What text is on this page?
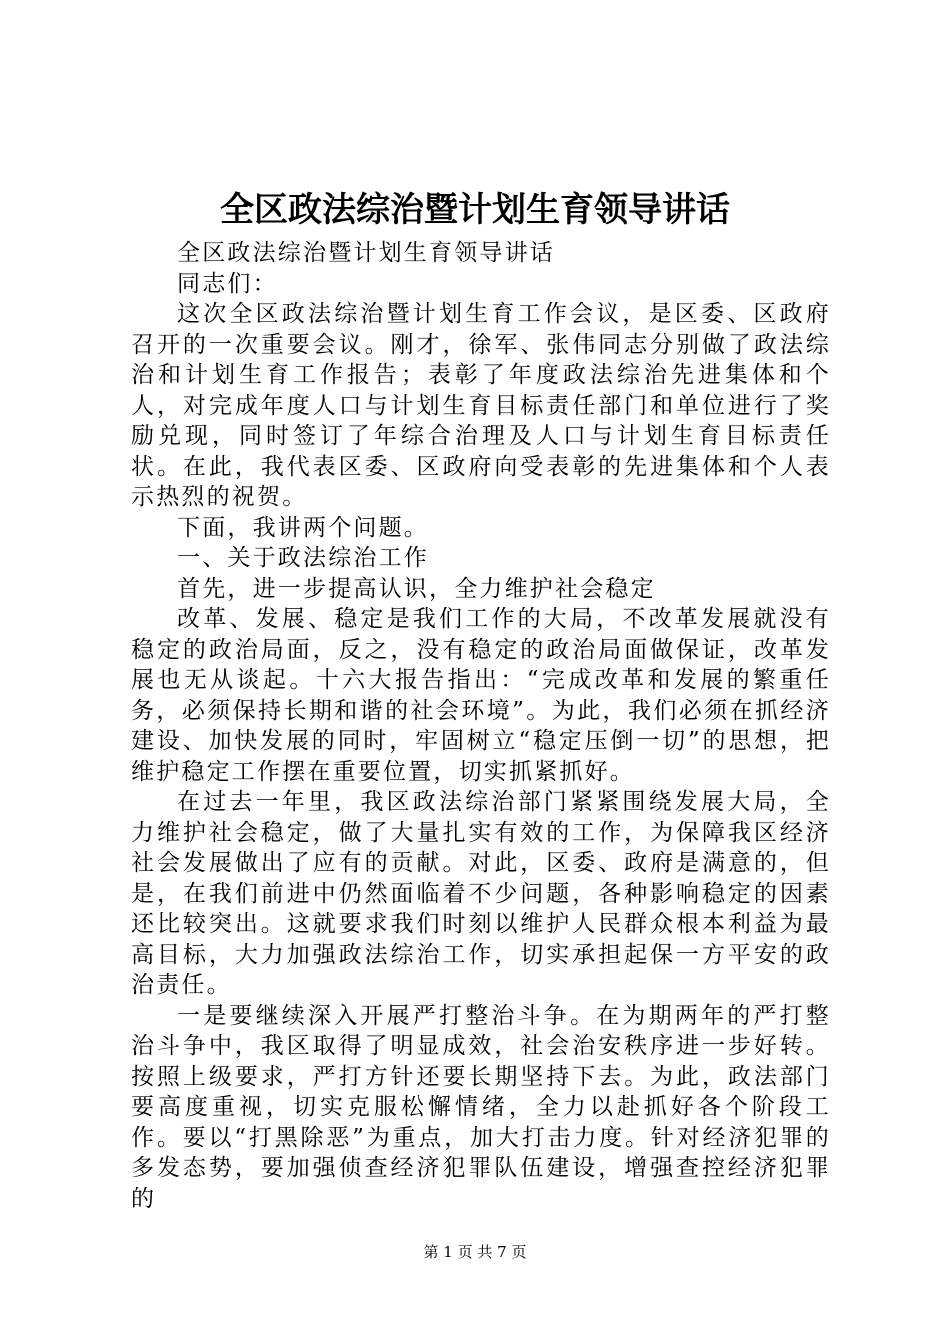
全区政法综治暨计划生育领导讲话

全区政法综治暨计划生育领导讲话

同志们：

这次全区政法综治暨计划生育工作会议，是区委、区政府召开的一次重要会议。刚才，徐军、张伟同志分别做了政法综治和计划生育工作报告；表彰了年度政法综治先进集体和个人，对完成年度人口与计划生育目标责任部门和单位进行了奖励兑现，同时签订了年综合治理及人口与计划生育目标责任状。在此，我代表区委、区政府向受表彰的先进集体和个人表示热烈的祝贺。

下面，我讲两个问题。

一、关于政法综治工作

首先，进一步提高认识，全力维护社会稳定

改革、发展、稳定是我们工作的大局，不改革发展就没有稳定的政治局面，反之，没有稳定的政治局面做保证，改革发展也无从谈起。十六大报告指出：“完成改革和发展的繁重任务，必须保持长期和谐的社会环境”。为此，我们必须在抓经济建设、加快发展的同时，牢固树立“稳定压倒一切”的思想，把维护稳定工作摆在重要位置，切实抓紧抓好。

在过去一年里，我区政法综治部门紧紧围绕发展大局，全力维护社会稳定，做了大量扎实有效的工作，为保障我区经济社会发展做出了应有的贡献。对此，区委、政府是满意的，但是，在我们前进中仍然面临着不少问题，各种影响稳定的因素还比较突出。这就要求我们时刻以维护人民群众根本利益为最高目标，大力加强政法综治工作，切实承担起保一方平安的政治责任。

一是要继续深入开展严打整治斗争。在为期两年的严打整治斗争中，我区取得了明显成效，社会治安秩序进一步好转。按照上级要求，严打方针还要长期坚持下去。为此，政法部门要高度重视，切实克服松懈情绪，全力以赴抓好各个阶段工作。要以“打黑除恶”为重点，加大打击力度。针对经济犯罪的多发态势，要加强侦查经济犯罪队伍建设，增强查控经济犯罪的

第 1 页 共 7 页
